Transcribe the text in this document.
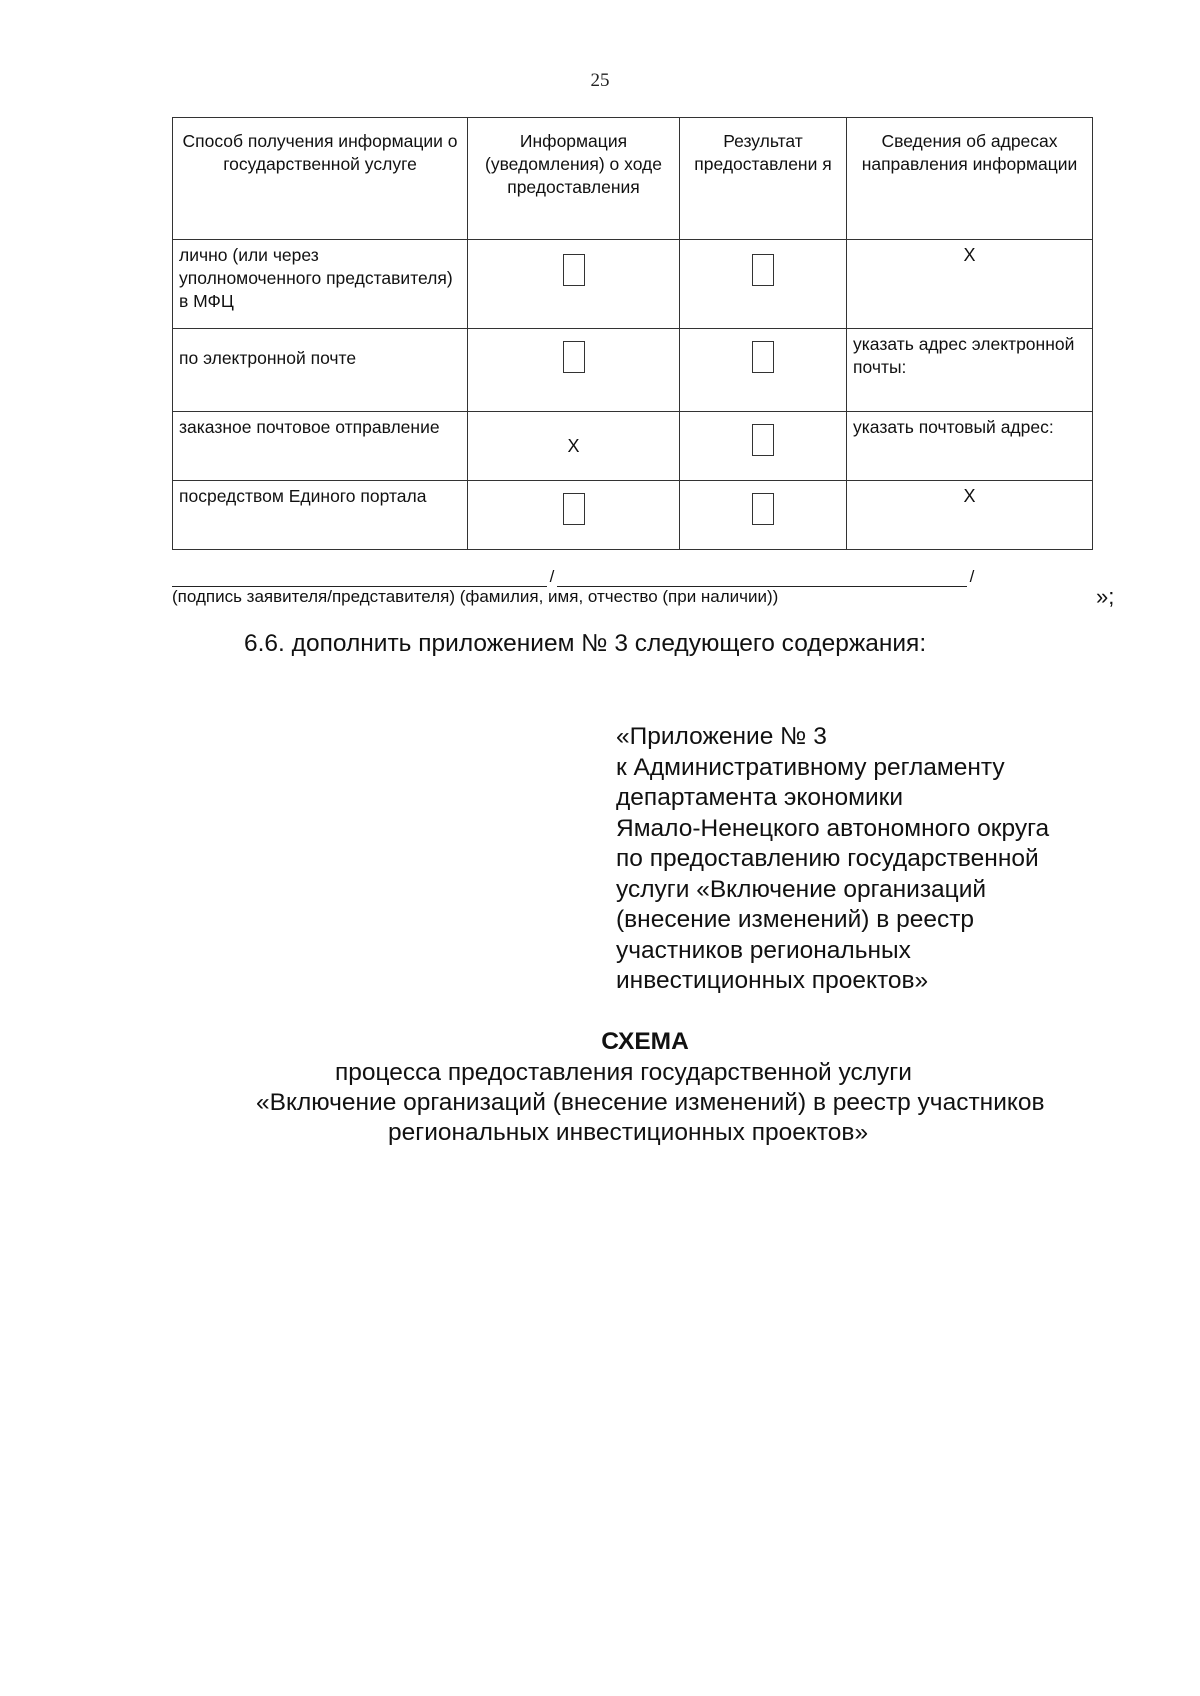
25
Способ получения информации о государственной услуге	Информация (уведомления) о ходе предоставления	Результат предоставлени я	Сведения об адресах направления информации
лично (или через уполномоченного представителя) в МФЦ			X
по электронной почте			указать адрес электронной почты:
заказное почтовое отправление	X		указать почтовый адрес:
посредством Единого портала			X
/	/
(подпись заявителя/представителя) (фамилия, имя, отчество (при наличии))	»;
6.6. дополнить приложением № 3 следующего содержания:
«Приложение № 3
к Административному регламенту
департамента экономики
Ямало-Ненецкого автономного округа
по предоставлению государственной
услуги «Включение организаций
(внесение изменений) в реестр
участников региональных
инвестиционных проектов»
СХЕМА
процесса предоставления государственной услуги
«Включение организаций (внесение изменений) в реестр участников
региональных инвестиционных проектов»
